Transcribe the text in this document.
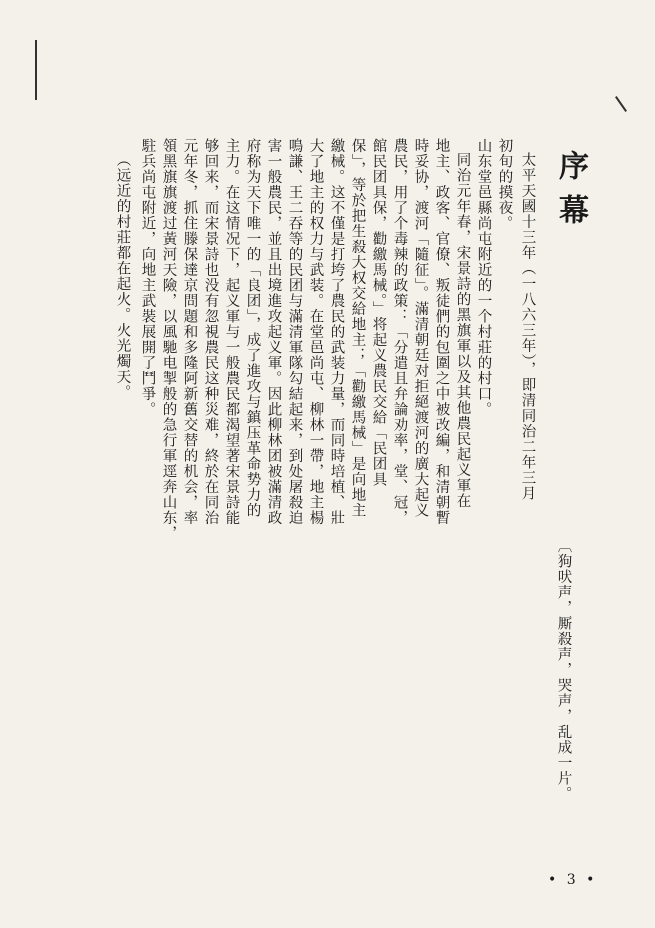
序幕
太平天國十三年（一八六三年），即清同治二年三月
初旬的摸夜。
山东堂邑縣尚屯附近的一个村莊的村口。
同治元年春，宋景詩的黑旗軍以及其他農民起义軍在
地主、政客、官僚、叛徒們的包圍之中被改編，和清朝暫
時妥协，渡河「隨征」。滿清朝廷对拒絕渡河的廣大起义
農民，用了个毒辣的政策：「分遣且弁論劝率，堂、冠，
館民团具保，勸繳馬械。」将起义農民交給「民团具
保」，等於把生殺大权交給地主；「勸繳馬械」是向地主
繳械。这不僅是打垮了農民的武装力量，而同時培植、壯
大了地主的权力与武装。在堂邑尚屯、柳林一帶，地主楊
鳴謙、王二吞等的民团与滿清軍隊勾結起来，到处屠殺迫
害一般農民，並且出境進攻起义軍。因此柳林团被滿清政
府称为天下唯一的「良团」，成了進攻与鎮压革命势力的
主力。在这情况下，起义軍与一般農民都渴望著宋景詩能
够回来，而宋景詩也没有忽視農民这种災难，終於在同治
元年冬，抓住滕保達京問題和多隆阿新舊交替的机会，率
領黑旗旗渡过黃河天險，以風馳电掣般的急行軍逕奔山东，
駐兵尚屯附近，向地主武裝展開了鬥爭。
（远近的村莊都在起火。火光燭天。
〔狗吠声，厮殺声，哭声，乱成一片。
• 3 •
